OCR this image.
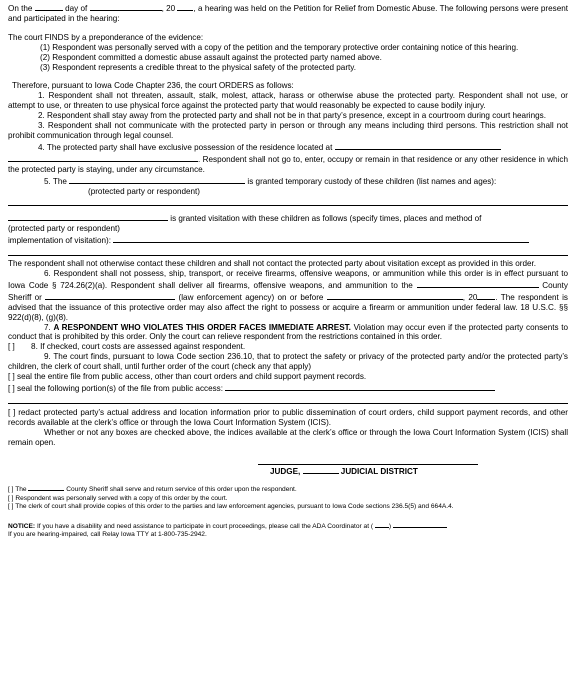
On the	day of	, 20 , a hearing was held on the Petition for Relief from Domestic Abuse. The following persons were present and participated in the hearing:

The court FINDS by a preponderance of the evidence:

(1) Respondent was personally served with a copy of the petition and the temporary protective order containing notice of this hearing.

(2) Respondent committed a domestic abuse assault against the protected party named above.

(3) Respondent represents a credible threat to the physical safety of the protected party.

Therefore, pursuant to Iowa Code Chapter 236, the court ORDERS as follows:

1. Respondent shall not threaten, assault, stalk, molest, attack, harass or otherwise abuse the protected party. Respondent shall not use, or attempt to use, or threaten to use physical force against the protected party that would reasonably be expected to cause bodily injury.

2. Respondent shall stay away from the protected party and shall not be in that party’s presence, except in a courtroom during court hearings.

3. Respondent shall not communicate with the protected party in person or through any means including third persons. This restriction shall not prohibit communication through legal counsel.

4. The protected party shall have exclusive possession of the residence located at

. Respondent shall not go to, enter, occupy or remain in that residence or any other residence in which the protected party is staying, under any circumstance.

5. The	is granted temporary custody of these children (list names and ages):

(protected party or respondent)

is granted visitation with these children as follows (specify times, places and method of

(protected party or respondent)

implementation of visitation):

The respondent shall not otherwise contact these children and shall not contact the protected party about visitation except as provided in this order.

6. Respondent shall not possess, ship, transport, or receive firearms, offensive weapons, or ammunition while this order is in effect pursuant to Iowa Code § 724.26(2)(a). Respondent shall deliver all firearms, offensive weapons, and ammunition to the	County Sheriff or	(law enforcement agency) on or before	, 20 . The respondent is advised that the issuance of this protective order may also affect the right to possess or acquire a firearm or ammunition under federal law. 18 U.S.C. §§ 922(d)(8), (g)(8).

7. A RESPONDENT WHO VIOLATES THIS ORDER FACES IMMEDIATE ARREST. Violation may occur even if the protected party consents to conduct that is prohibited by this order. Only the court can relieve respondent from the restrictions contained in this order.

[ ] 8. If checked, court costs are assessed against respondent.

9. The court finds, pursuant to Iowa Code section 236.10, that to protect the safety or privacy of the protected party and/or the protected party’s children, the clerk of court shall, until further order of the court (check any that apply)

[ ] seal the entire file from public access, other than court orders and child support payment records.

[ ] seal the following portion(s) of the file from public access:

[ ] redact protected party’s actual address and location information prior to public dissemination of court orders, child support payment records, and other records available at the clerk’s office or through the Iowa Court Information System (ICIS).

Whether or not any boxes are checked above, the indices available at the clerk’s office or through the Iowa Court Information System (ICIS) shall remain open.

JUDGE,	JUDICIAL DISTRICT

[ ] The	County Sheriff shall serve and return service of this order upon the respondent.

[ ] Respondent was personally served with a copy of this order by the court.

[ ] The clerk of court shall provide copies of this order to the parties and law enforcement agencies, pursuant to Iowa Code sections 236.5(5) and 664A.4.

NOTICE: If you have a disability and need assistance to participate in court proceedings, please call the ADA Coordinator at ( )

If you are hearing-impaired, call Relay Iowa TTY at 1-800-735-2942.
